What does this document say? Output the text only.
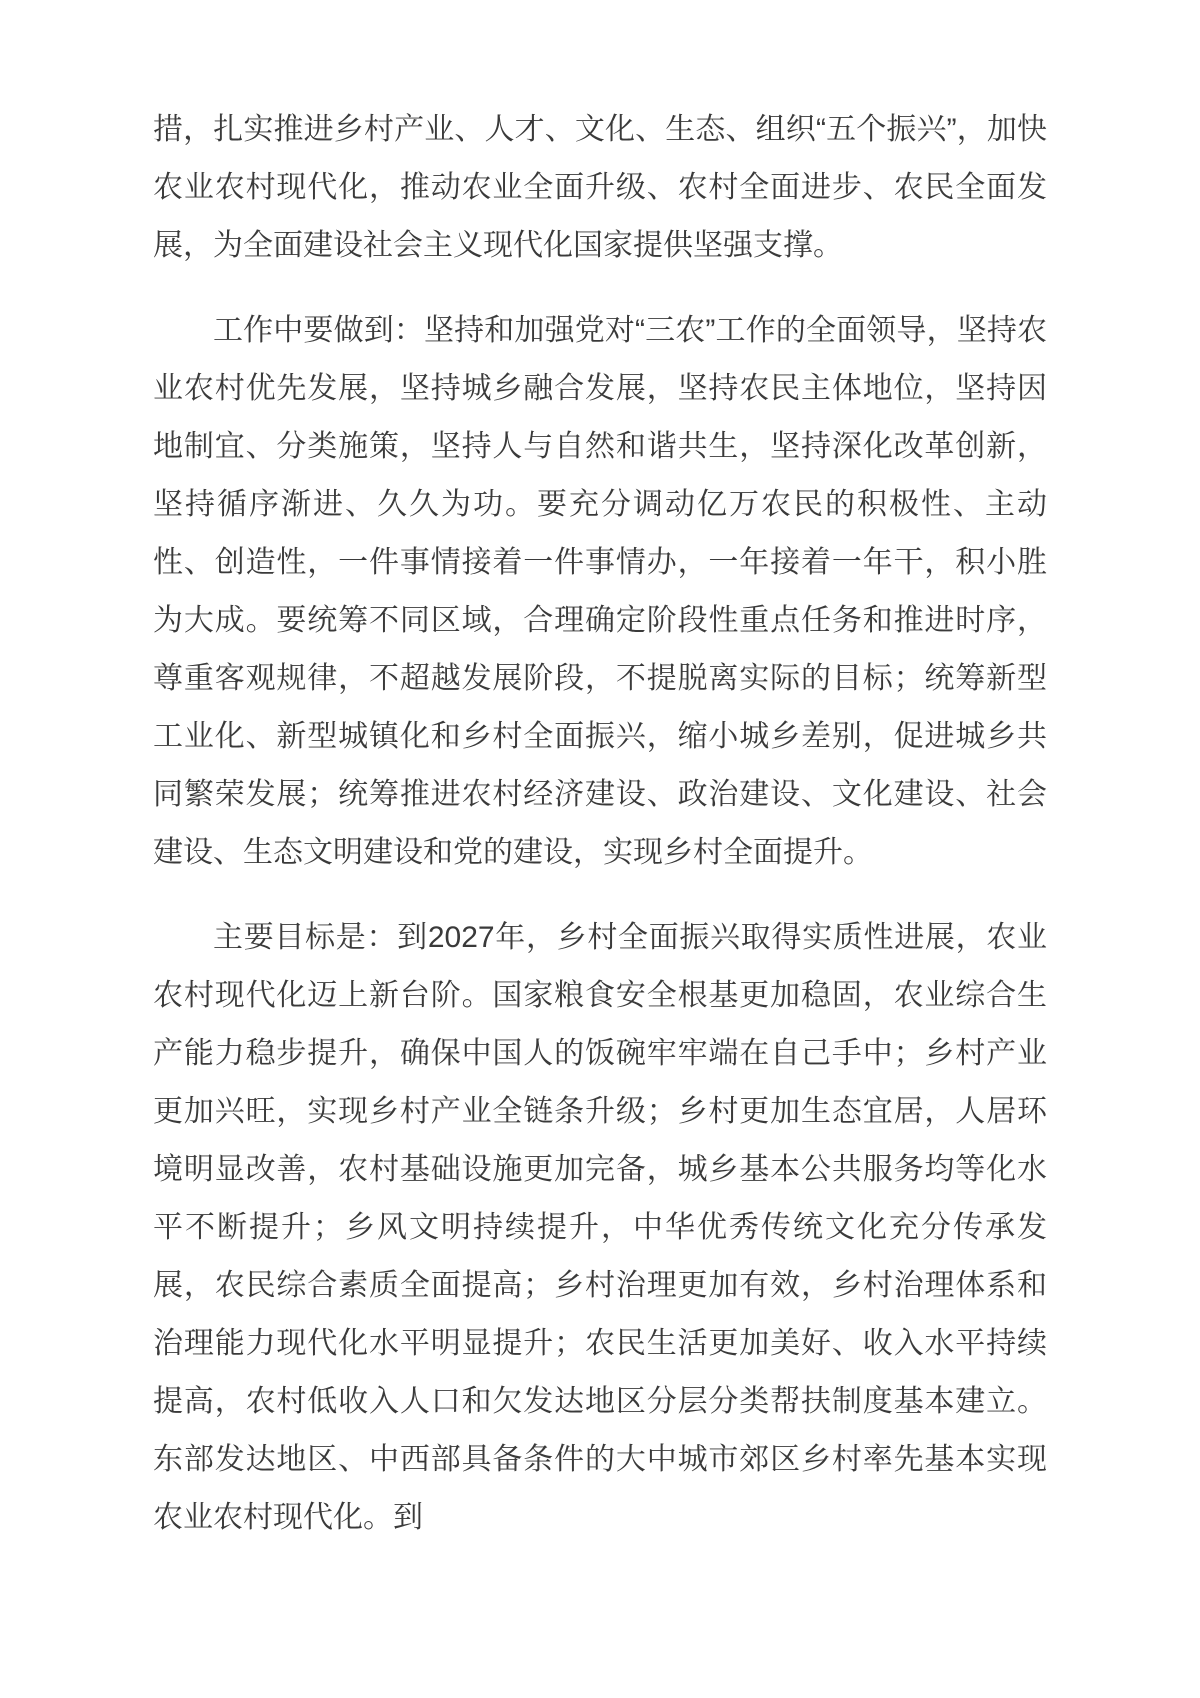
措，扎实推进乡村产业、人才、文化、生态、组织“五个振兴”，加快农业农村现代化，推动农业全面升级、农村全面进步、农民全面发展，为全面建设社会主义现代化国家提供坚强支撑。

工作中要做到：坚持和加强党对“三农”工作的全面领导，坚持农业农村优先发展，坚持城乡融合发展，坚持农民主体地位，坚持因地制宜、分类施策，坚持人与自然和谐共生，坚持深化改革创新，坚持循序渐进、久久为功。要充分调动亿万农民的积极性、主动性、创造性，一件事情接着一件事情办，一年接着一年干，积小胜为大成。要统筹不同区域，合理确定阶段性重点任务和推进时序，尊重客观规律，不超越发展阶段，不提脱离实际的目标；统筹新型工业化、新型城镇化和乡村全面振兴，缩小城乡差别，促进城乡共同繁荣发展；统筹推进农村经济建设、政治建设、文化建设、社会建设、生态文明建设和党的建设，实现乡村全面提升。

主要目标是：到2027年，乡村全面振兴取得实质性进展，农业农村现代化迈上新台阶。国家粮食安全根基更加稳固，农业综合生产能力稳步提升，确保中国人的饭碗牢牢端在自己手中；乡村产业更加兴旺，实现乡村产业全链条升级；乡村更加生态宜居，人居环境明显改善，农村基础设施更加完备，城乡基本公共服务均等化水平不断提升；乡风文明持续提升，中华优秀传统文化充分传承发展，农民综合素质全面提高；乡村治理更加有效，乡村治理体系和治理能力现代化水平明显提升；农民生活更加美好、收入水平持续提高，农村低收入人口和欠发达地区分层分类帮扶制度基本建立。东部发达地区、中西部具备条件的大中城市郊区乡村率先基本实现农业农村现代化。到
